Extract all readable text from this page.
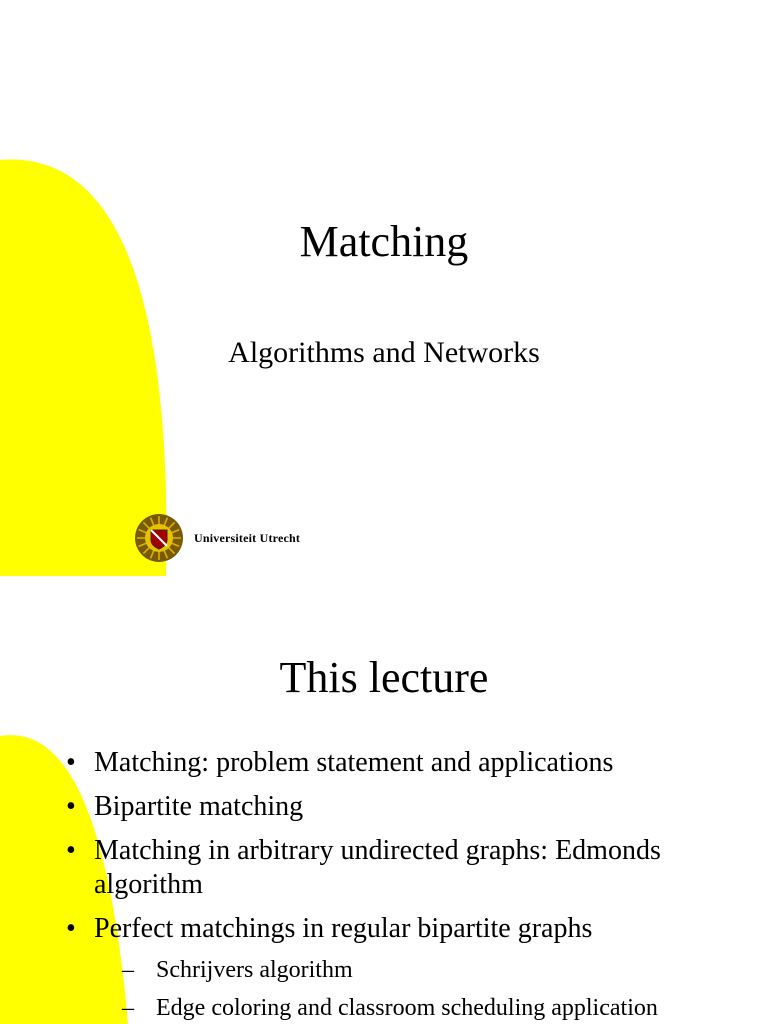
Matching
Algorithms and Networks
Universiteit Utrecht
This lecture
• Matching: problem statement and applications
• Bipartite matching
• Matching in arbitrary undirected graphs: Edmonds algorithm
• Perfect matchings in regular bipartite graphs
– Schrijvers algorithm
– Edge coloring and classroom scheduling application
